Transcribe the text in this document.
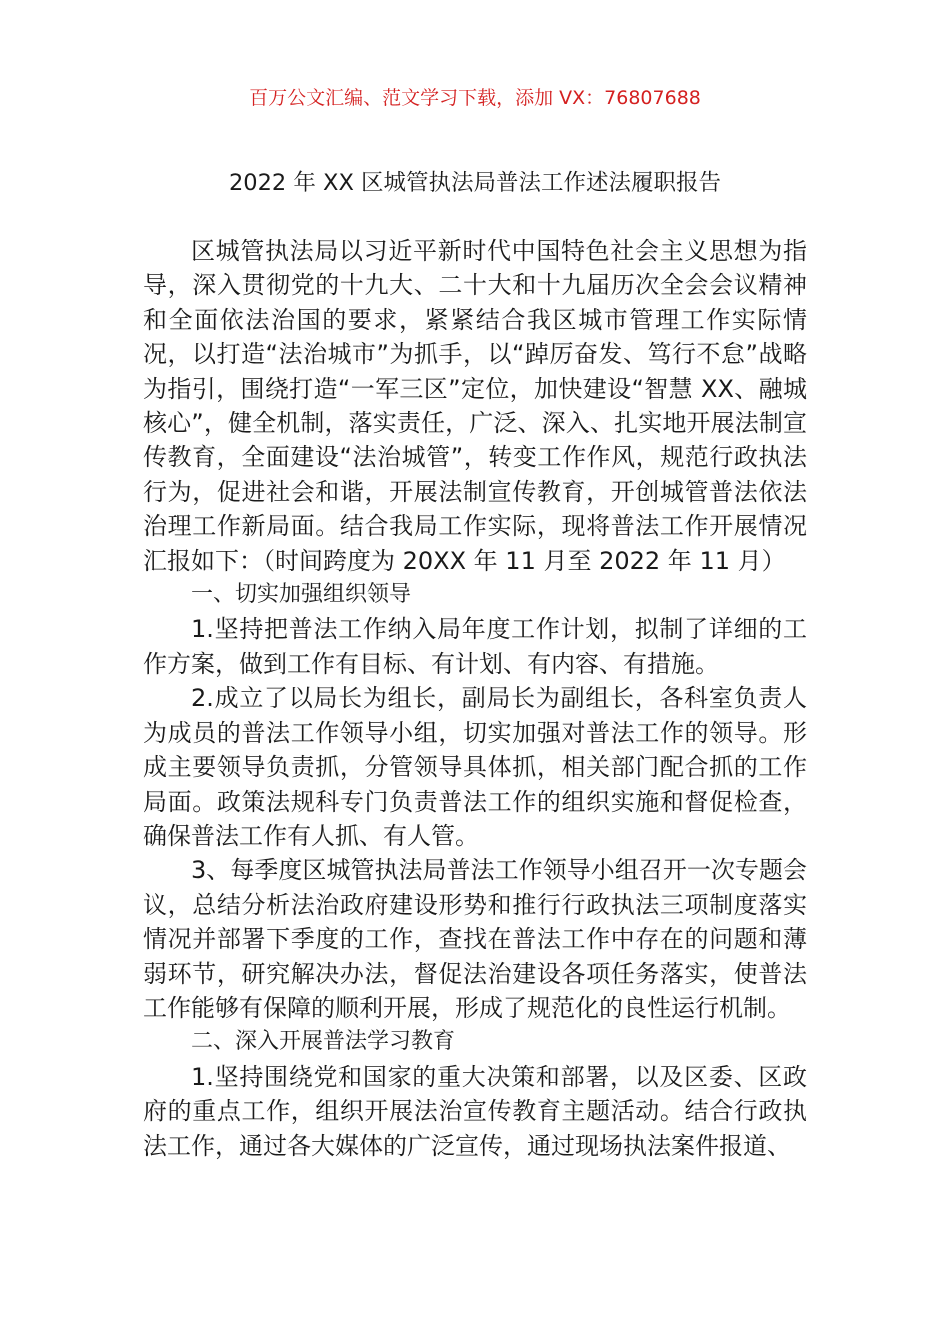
百万公文汇编、范文学习下载，添加 VX：76807688
2022 年 XX 区城管执法局普法工作述法履职报告

区城管执法局以习近平新时代中国特色社会主义思想为指导，深入贯彻党的十九大、二十大和十九届历次全会会议精神和全面依法治国的要求，紧紧结合我区城市管理工作实际情况，以打造“法治城市”为抓手，以“踔厉奋发、笃行不怠”战略为指引，围绕打造“一军三区”定位，加快建设“智慧 XX、融城核心”，健全机制，落实责任，广泛、深入、扎实地开展法制宣传教育，全面建设“法治城管”，转变工作作风，规范行政执法行为，促进社会和谐，开展法制宣传教育，开创城管普法依法治理工作新局面。结合我局工作实际，现将普法工作开展情况汇报如下：（时间跨度为 20XX 年 11 月至 2022 年 11 月）

一、切实加强组织领导

1.坚持把普法工作纳入局年度工作计划，拟制了详细的工作方案，做到工作有目标、有计划、有内容、有措施。

2.成立了以局长为组长，副局长为副组长，各科室负责人为成员的普法工作领导小组，切实加强对普法工作的领导。形成主要领导负责抓，分管领导具体抓，相关部门配合抓的工作局面。政策法规科专门负责普法工作的组织实施和督促检查，确保普法工作有人抓、有人管。

3、每季度区城管执法局普法工作领导小组召开一次专题会议，总结分析法治政府建设形势和推行行政执法三项制度落实情况并部署下季度的工作，查找在普法工作中存在的问题和薄弱环节，研究解决办法，督促法治建设各项任务落实，使普法工作能够有保障的顺利开展，形成了规范化的良性运行机制。

二、深入开展普法学习教育

1.坚持围绕党和国家的重大决策和部署，以及区委、区政府的重点工作，组织开展法治宣传教育主题活动。结合行政执法工作，通过各大媒体的广泛宣传，通过现场执法案件报道、
